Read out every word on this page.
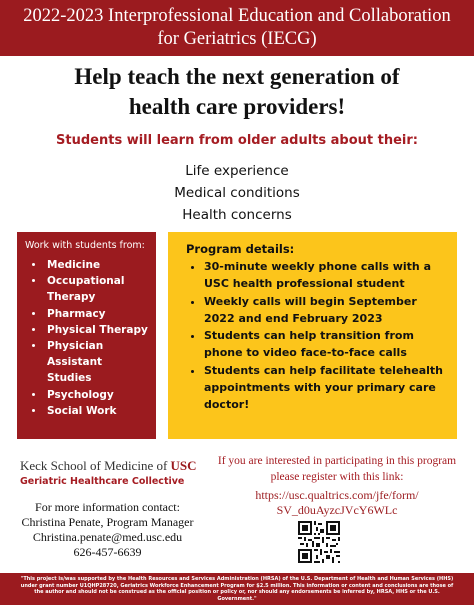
2022-2023 Interprofessional Education and Collaboration
for Geriatrics (IECG)
Help teach the next generation of
health care providers!
Students will learn from older adults about their:
Life experience
Medical conditions
Health concerns
Work with students from:
• Medicine
• Occupational Therapy
• Pharmacy
• Physical Therapy
• Physician Assistant Studies
• Psychology
• Social Work
Program details:
• 30-minute weekly phone calls with a USC health professional student
• Weekly calls will begin September 2022 and end February 2023
• Students can help transition from phone to video face-to-face calls
• Students can help facilitate telehealth appointments with your primary care doctor!
Keck School of Medicine of USC
Geriatric Healthcare Collective
For more information contact:
Christina Penate, Program Manager
Christina.penate@med.usc.edu
626-457-6639
If you are interested in participating in this program
please register with this link:
https://usc.qualtrics.com/jfe/form/
SV_d0uAyzcJVcY6WLc
"This project is/was supported by the Health Resources and Services Administration (HRSA) of the U.S. Department of Health and Human Services (HHS) under grant number U1QHP28720, Geriatrics Workforce Enhancement Program for $2.5 million. This information or content and conclusions are those of the author and should not be construed as the official position or policy or, nor should any endorsements be inferred by, HRSA, HHS or the U.S. Government."
